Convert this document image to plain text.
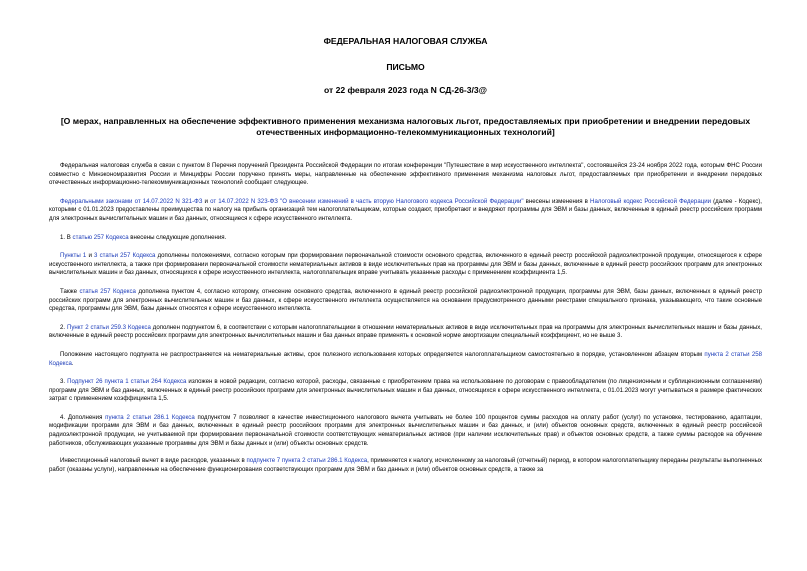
ФЕДЕРАЛЬНАЯ НАЛОГОВАЯ СЛУЖБА
ПИСЬМО
от 22 февраля 2023 года N СД-26-3/3@
[О мерах, направленных на обеспечение эффективного применения механизма налоговых льгот, предоставляемых при приобретении и внедрении передовых отечественных информационно-телекоммуникационных технологий]

Федеральная налоговая служба в связи с пунктом 8 Перечня поручений Президента Российской Федерации по итогам конференции "Путешествие в мир искусственного интеллекта", состоявшейся 23-24 ноября 2022 года, которым ФНС России совместно с Минэкономразвития России и Минцифры России поручено принять меры, направленные на обеспечение эффективного применения механизма налоговых льгот, предоставляемых при приобретении и внедрении передовых отечественных информационно-телекоммуникационных технологий сообщает следующее.

Федеральными законами от 14.07.2022 N 321-ФЗ и от 14.07.2022 N 323-ФЗ "О внесении изменений в часть вторую Налогового кодекса Российской Федерации" внесены изменения в Налоговый кодекс Российской Федерации (далее - Кодекс), которыми с 01.01.2023 предоставлены преимущества по налогу на прибыль организаций тем налогоплательщикам, которые создают, приобретают и внедряют программы для ЭВМ и базы данных, включенные в единый реестр российских программ для электронных вычислительных машин и баз данных, относящиеся к сфере искусственного интеллекта.

1. В статью 257 Кодекса внесены следующие дополнения.

Пункты 1 и 3 статьи 257 Кодекса дополнены положениями, согласно которым при формировании первоначальной стоимости основного средства, включенного в единый реестр российской радиоэлектронной продукции, относящегося к сфере искусственного интеллекта, а также при формировании первоначальной стоимости нематериальных активов в виде исключительных прав на программы для ЭВМ и базы данных, включенные в единый реестр российских программ для электронных вычислительных машин и баз данных, относящихся к сфере искусственного интеллекта, налогоплательщик вправе учитывать указанные расходы с применением коэффициента 1,5.

Также статья 257 Кодекса дополнена пунктом 4, согласно которому, отнесение основного средства, включенного в единый реестр российской радиоэлектронной продукции, программы для ЭВМ, базы данных, включенных в единый реестр российских программ для электронных вычислительных машин и баз данных, к сфере искусственного интеллекта осуществляется на основании предусмотренного данными реестрами специального признака, указывающего, что такие основные средства, программы для ЭВМ, базы данных относятся к сфере искусственного интеллекта.

2. Пункт 2 статьи 259.3 Кодекса дополнен подпунктом 6, в соответствии с которым налогоплательщики в отношении нематериальных активов в виде исключительных прав на программы для электронных вычислительных машин и базы данных, включенные в единый реестр российских программ для электронных вычислительных машин и баз данных вправе применять к основной норме амортизации специальный коэффициент, но не выше 3.

Положение настоящего подпункта не распространяется на нематериальные активы, срок полезного использования которых определяется налогоплательщиком самостоятельно в порядке, установленном абзацем вторым пункта 2 статьи 258 Кодекса.

3. Подпункт 26 пункта 1 статьи 264 Кодекса изложен в новой редакции, согласно которой, расходы, связанные с приобретением права на использование по договорам с правообладателем (по лицензионным и сублицензионным соглашениям) программ для ЭВМ и баз данных, включенных в единый реестр российских программ для электронных вычислительных машин и баз данных, относящихся к сфере искусственного интеллекта, с 01.01.2023 могут учитываться в размере фактических затрат с применением коэффициента 1,5.

4. Дополнения пункта 2 статьи 286.1 Кодекса подпунктом 7 позволяют в качестве инвестиционного налогового вычета учитывать не более 100 процентов суммы расходов на оплату работ (услуг) по установке, тестированию, адаптации, модификации программ для ЭВМ и баз данных, включенных в единый реестр российских программ для электронных вычислительных машин и баз данных, и (или) объектов основных средств, включенных в единый реестр российской радиоэлектронной продукции, не учитываемой при формировании первоначальной стоимости соответствующих нематериальных активов (при наличии исключительных прав) и объектов основных средств, а также суммы расходов на обучение работников, обслуживающих указанные программы для ЭВМ и базы данных и (или) объекты основных средств.

Инвестиционный налоговый вычет в виде расходов, указанных в подпункте 7 пункта 2 статьи 286.1 Кодекса, применяется к налогу, исчисленному за налоговый (отчетный) период, в котором налогоплательщику переданы результаты выполненных работ (оказаны услуги), направленные на обеспечение функционирования соответствующих программ для ЭВМ и баз данных и (или) объектов основных средств, а также за
